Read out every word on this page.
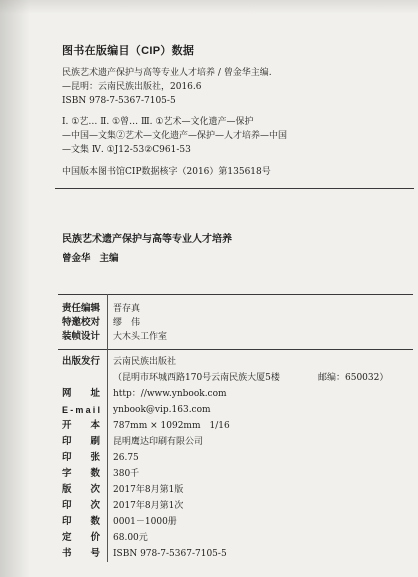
图书在版编目（CIP）数据
民族艺术遗产保护与高等专业人才培养 / 曾金华主编.
—昆明：云南民族出版社，2016.6
ISBN 978-7-5367-7105-5
Ⅰ. ①艺… Ⅱ. ①曾… Ⅲ. ①艺术—文化遗产—保护
—中国—文集②艺术—文化遗产—保护—人才培养—中国
—文集 Ⅳ. ①J12-53②C961-53
中国版本图书馆CIP数据核字（2016）第135618号
民族艺术遗产保护与高等专业人才培养
曾金华 主编
责任编辑	晋存真
特邀校对	缪　伟
装帧设计	大木头工作室
出版发行	云南民族出版社
（昆明市环城西路170号云南民族大厦5楼	邮编：650032）
网　　址	http：//www.ynbook.com
E-mail ynbook@vip.163.com
开　　本	787mm × 1092mm　1/16
印　　刷	昆明鹰达印刷有限公司
印　　张	26.75
字　　数	380千
版　　次	2017年8月第1版
印　　次	2017年8月第1次
印　　数	0001－1000册
定　　价	68.00元
书　　号	ISBN 978-7-5367-7105-5
